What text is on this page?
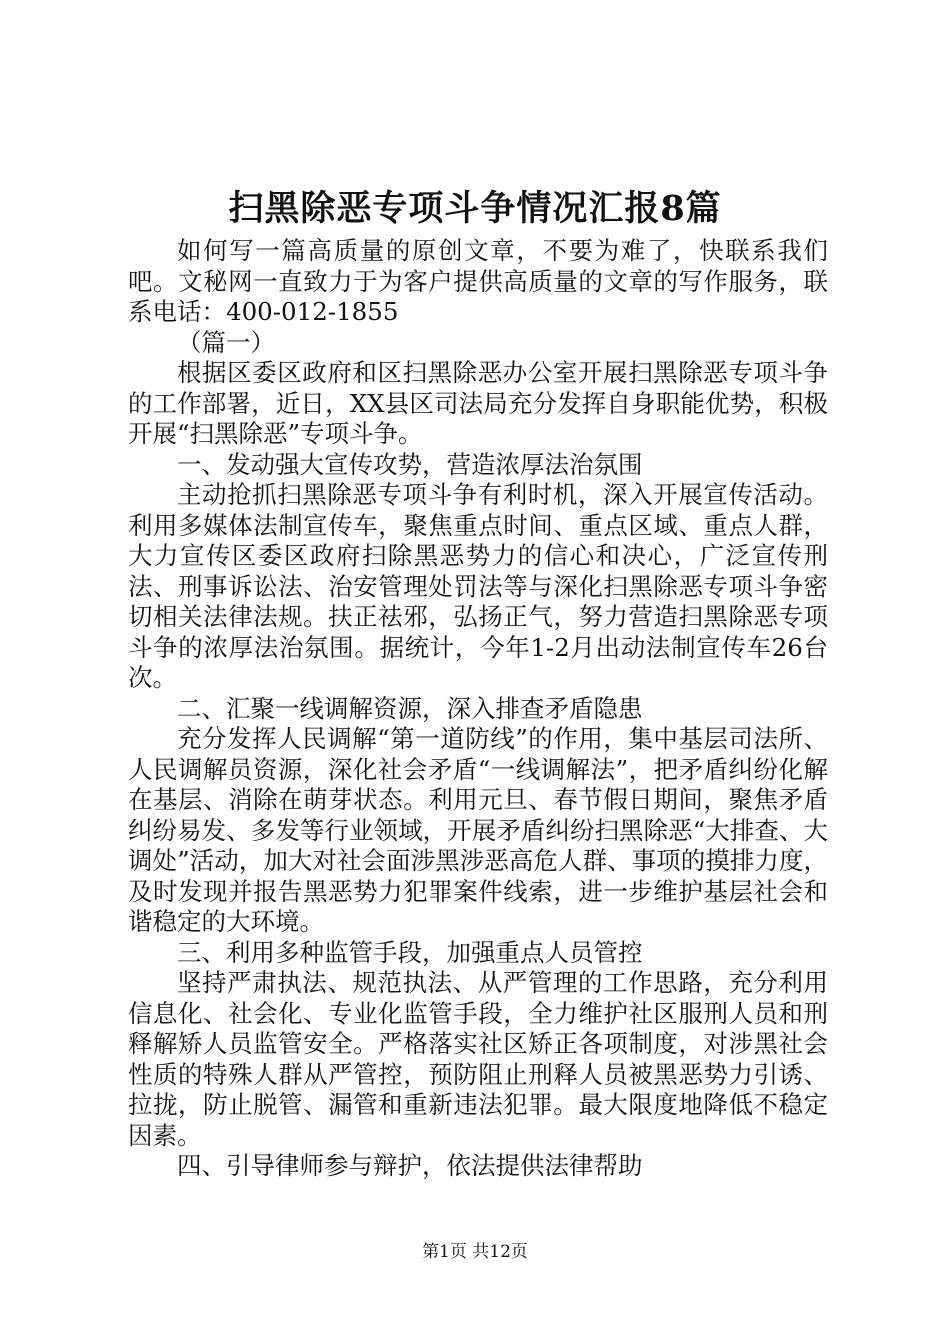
扫黑除恶专项斗争情况汇报8篇

如何写一篇高质量的原创文章，不要为难了，快联系我们吧。文秘网一直致力于为客户提供高质量的文章的写作服务，联系电话：400-012-1855

（篇一）

根据区委区政府和区扫黑除恶办公室开展扫黑除恶专项斗争的工作部署，近日，XX县区司法局充分发挥自身职能优势，积极开展“扫黑除恶”专项斗争。

一、发动强大宣传攻势，营造浓厚法治氛围

主动抢抓扫黑除恶专项斗争有利时机，深入开展宣传活动。利用多媒体法制宣传车，聚焦重点时间、重点区域、重点人群，大力宣传区委区政府扫除黑恶势力的信心和决心，广泛宣传刑法、刑事诉讼法、治安管理处罚法等与深化扫黑除恶专项斗争密切相关法律法规。扶正祛邪，弘扬正气，努力营造扫黑除恶专项斗争的浓厚法治氛围。据统计，今年1-2月出动法制宣传车26台次。

二、汇聚一线调解资源，深入排查矛盾隐患

充分发挥人民调解“第一道防线”的作用，集中基层司法所、人民调解员资源，深化社会矛盾“一线调解法”，把矛盾纠纷化解在基层、消除在萌芽状态。利用元旦、春节假日期间，聚焦矛盾纠纷易发、多发等行业领域，开展矛盾纠纷扫黑除恶“大排查、大调处”活动，加大对社会面涉黑涉恶高危人群、事项的摸排力度，及时发现并报告黑恶势力犯罪案件线索，进一步维护基层社会和谐稳定的大环境。

三、利用多种监管手段，加强重点人员管控

坚持严肃执法、规范执法、从严管理的工作思路，充分利用信息化、社会化、专业化监管手段，全力维护社区服刑人员和刑释解矫人员监管安全。严格落实社区矫正各项制度，对涉黑社会性质的特殊人群从严管控，预防阻止刑释人员被黑恶势力引诱、拉拢，防止脱管、漏管和重新违法犯罪。最大限度地降低不稳定因素。

四、引导律师参与辩护，依法提供法律帮助

第1页 共12页
